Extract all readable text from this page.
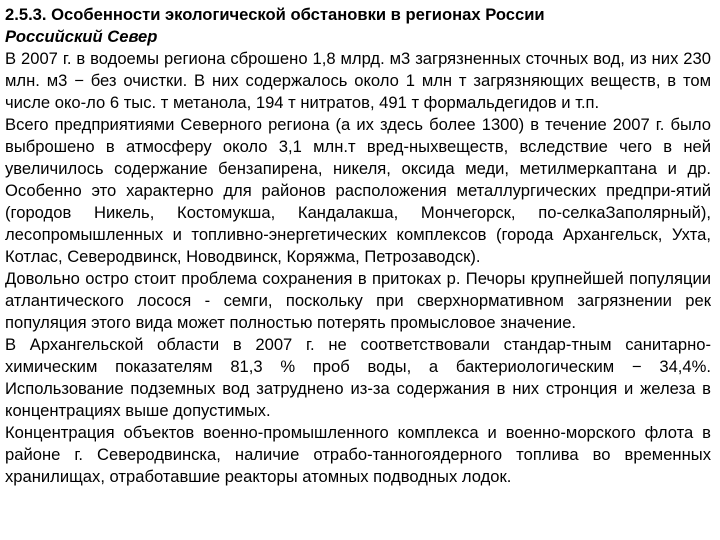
2.5.3. Особенности экологической обстановки в регионах России
Российский Север

В 2007 г. в водоемы региона сброшено 1,8 млрд. м3 загрязненных сточных вод, из них 230 млн. м3 − без очистки. В них содержалось около 1 млн т загрязняющих веществ, в том числе око-ло 6 тыс. т метанола, 194 т нитратов, 491 т формальдегидов и т.п.

Всего предприятиями Северного региона (а их здесь более 1300) в течение 2007 г. было выброшено в атмосферу около 3,1 млн.т вред-ныхвеществ, вследствие чего в ней увеличилось содержание бензапирена, никеля, оксида меди, метилмеркаптана и др. Особенно это характерно для районов расположения металлургических предпри-ятий (городов Никель, Костомукша, Кандалакша, Мончегорск, по-селкаЗаполярный), лесопромышленных и топливно-энергетических комплексов (города Архангельск, Ухта, Котлас, Северодвинск, Новодвинск, Коряжма, Петрозаводск).

Довольно остро стоит проблема сохранения в притоках р. Печоры крупнейшей популяции атлантического лосося - семги, поскольку при сверхнормативном загрязнении рек популяция этого вида может полностью потерять промысловое значение.

В Архангельской области в 2007 г. не соответствовали стандар-тным санитарно-химическим показателям 81,3 % проб воды, а бактериологическим − 34,4%. Использование подземных вод затруднено из-за содержания в них стронция и железа в концентрациях выше допустимых.

Концентрация объектов военно-промышленного комплекса и военно-морского флота в районе г. Северодвинска, наличие отрабо-танногоядерного топлива во временных хранилищах, отработавшие реакторы атомных подводных лодок.
